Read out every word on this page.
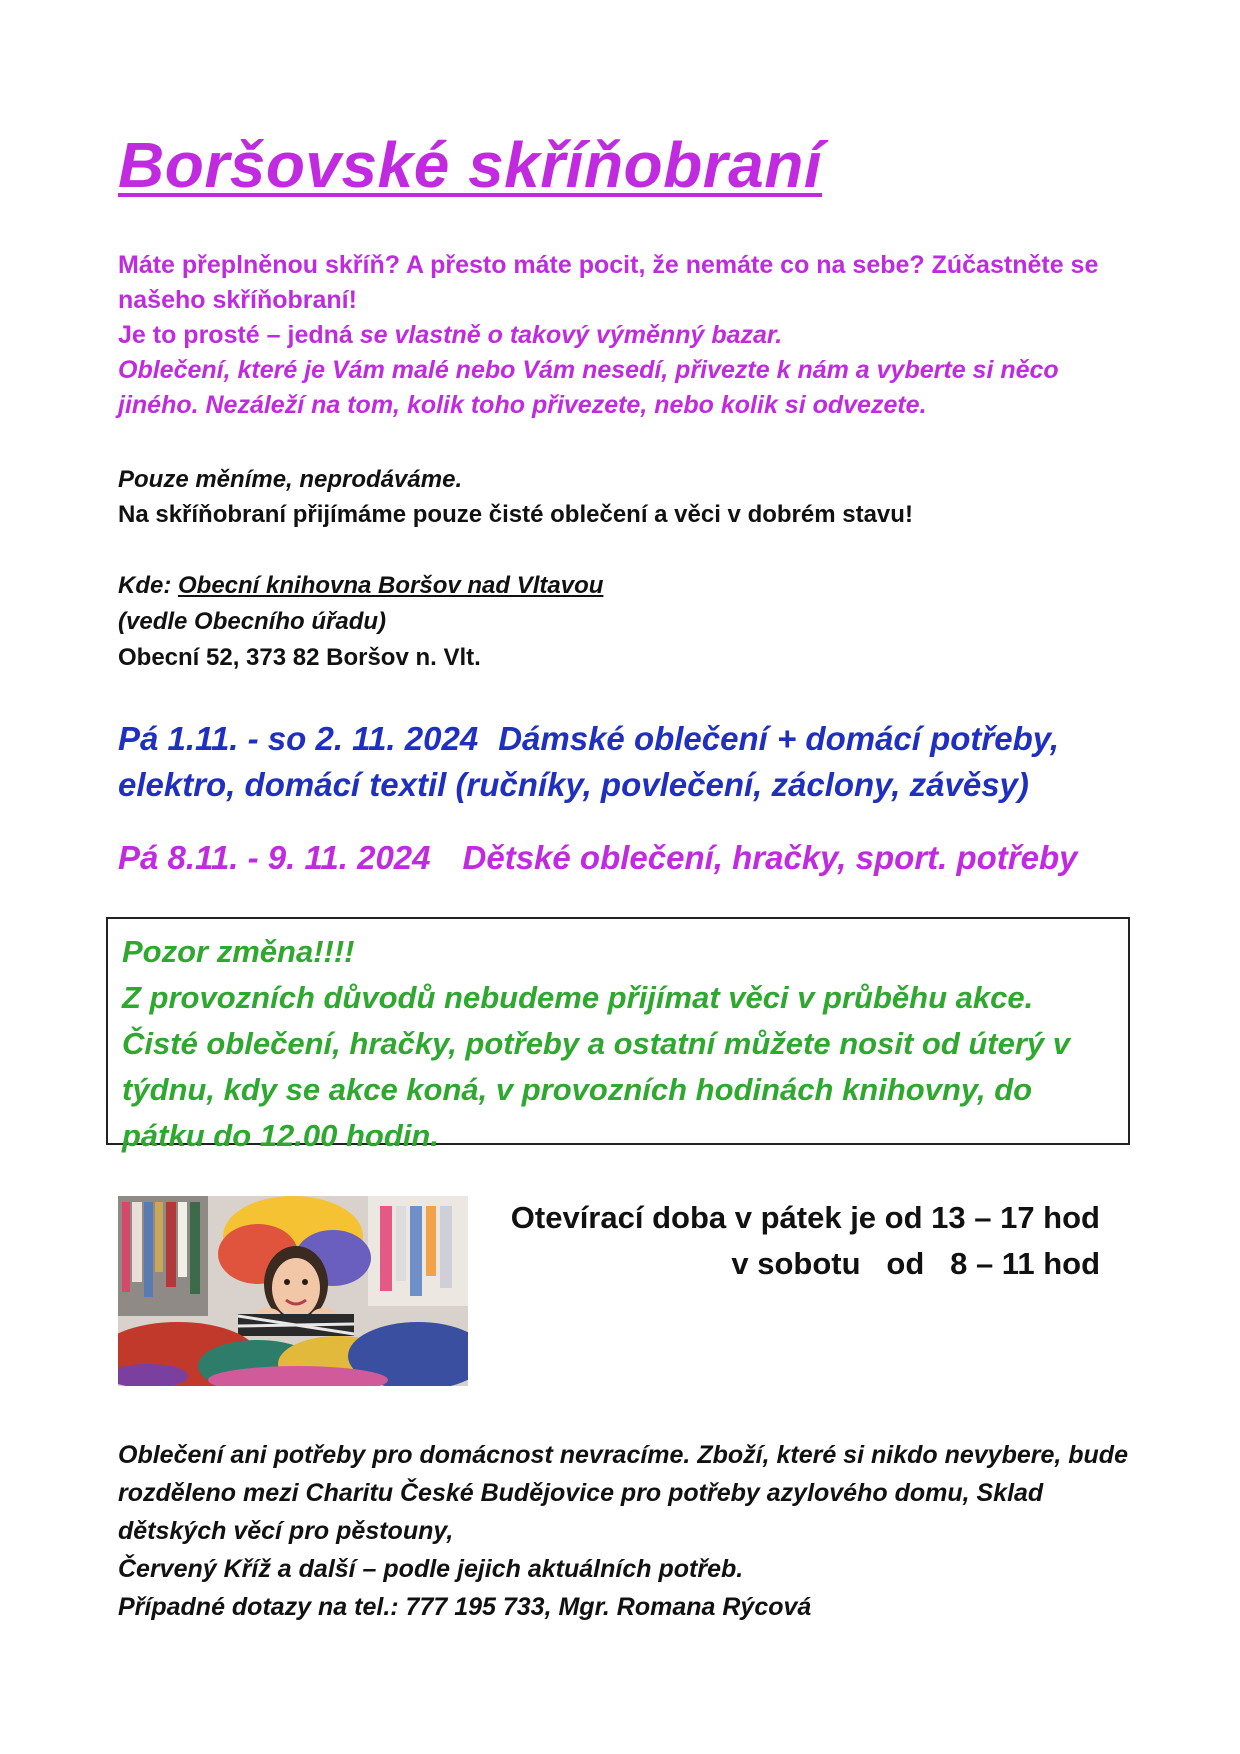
Boršovské skříňobraní

Máte přeplněnou skříň? A přesto máte pocit, že nemáte co na sebe? Zúčastněte se našeho skříňobraní!

Je to prosté – jedná se vlastně o takový výměnný bazar.

Oblečení, které je Vám malé nebo Vám nesedí, přivezte k nám a vyberte si něco jiného. Nezáleží na tom, kolik toho přivezete, nebo kolik si odvezete.

Pouze měníme, neprodáváme.

Na skříňobraní přijímáme pouze čisté oblečení a věci v dobrém stavu!

Kde: Obecní knihovna Boršov nad Vltavou

(vedle Obecního úřadu)

Obecní 52, 373 82 Boršov n. Vlt.

Pá 1.11. - so 2. 11. 2024 Dámské oblečení + domácí potřeby, elektro, domácí textil (ručníky, povlečení, záclony, závěsy)
Pá 8.11. - 9. 11. 2024 Dětské oblečení, hračky, sport. potřeby

Pozor změna!!!!

Z provozních důvodů nebudeme přijímat věci v průběhu akce.

Čisté oblečení, hračky, potřeby a ostatní můžete nosit od úterý v týdnu, kdy se akce koná, v provozních hodinách knihovny, do pátku do 12.00 hodin.

Otevírací doba v pátek je od 13 – 17 hod

v sobotu   od   8 – 11 hod

Oblečení ani potřeby pro domácnost nevracíme. Zboží, které si nikdo nevybere, bude rozděleno mezi Charitu České Budějovice pro potřeby azylového domu, Sklad dětských věcí pro pěstouny,

Červený Kříž a další – podle jejich aktuálních potřeb.

Případné dotazy na tel.: 777 195 733, Mgr. Romana Rýcová
